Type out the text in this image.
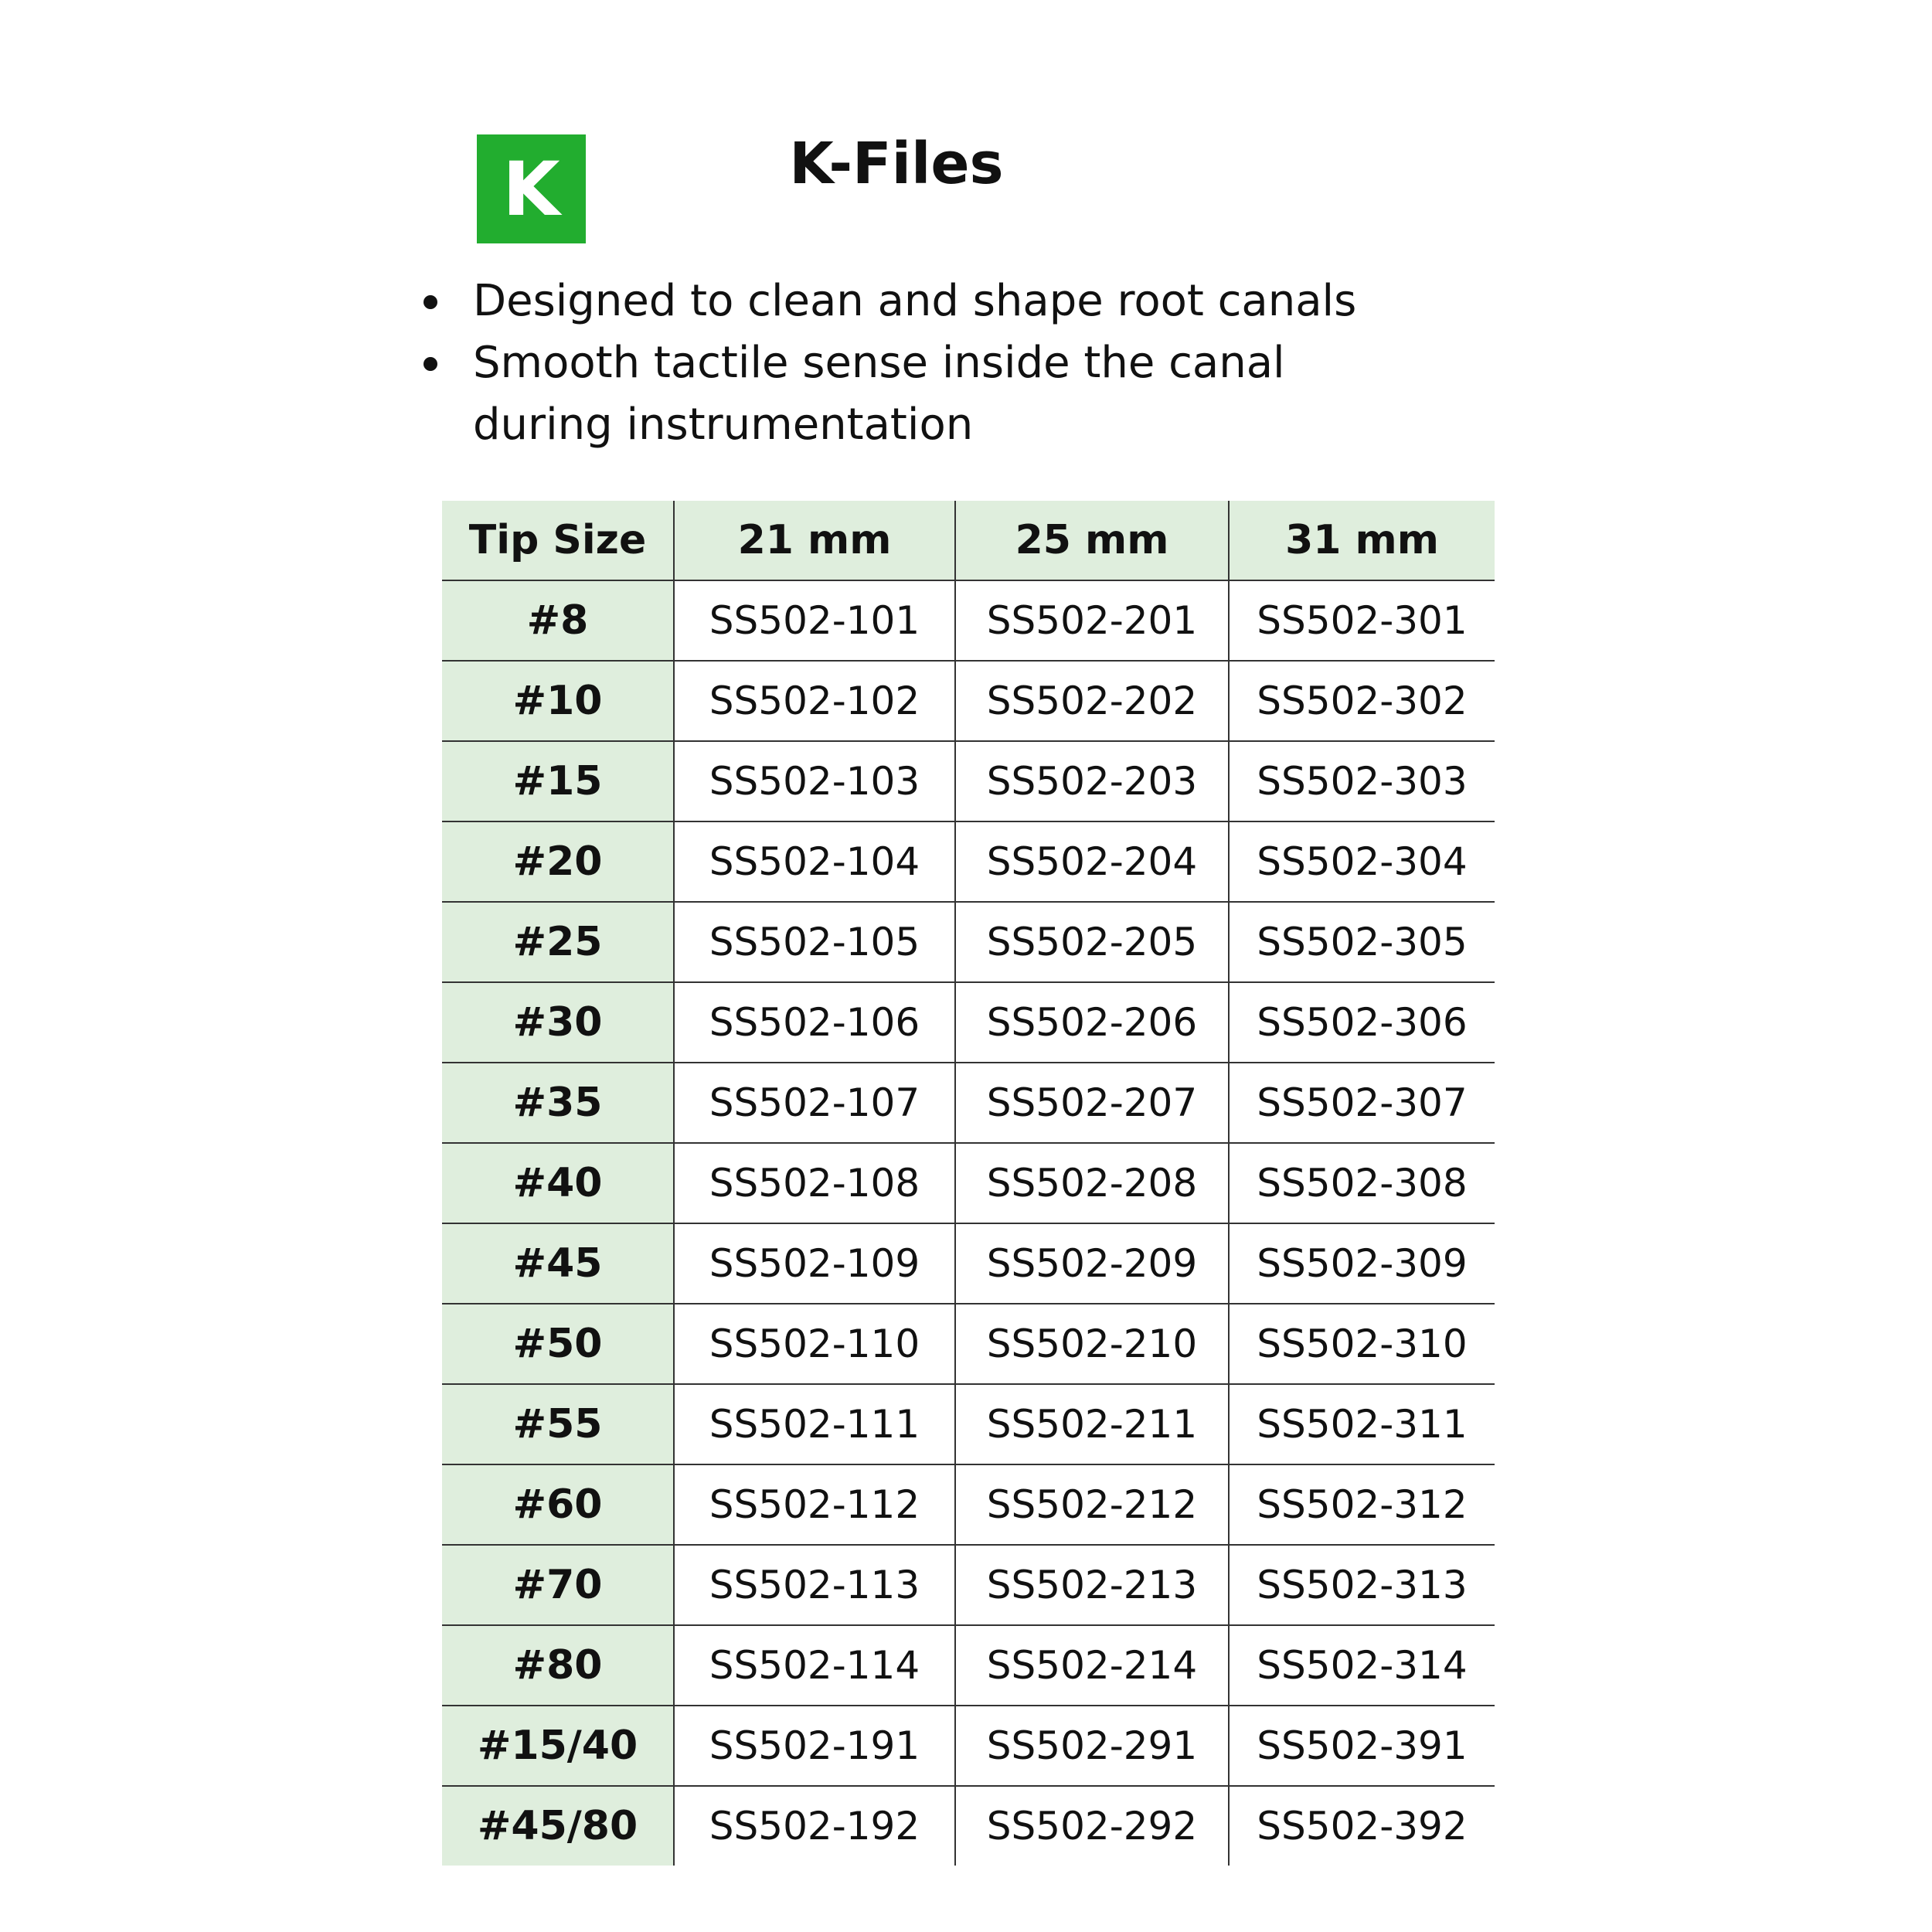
K	K-Files
Designed to clean and shape root canals
Smooth tactile sense inside the canal during instrumentation
Tip Size	21 mm	25 mm	31 mm
#8	SS502-101	SS502-201	SS502-301
#10	SS502-102	SS502-202	SS502-302
#15	SS502-103	SS502-203	SS502-303
#20	SS502-104	SS502-204	SS502-304
#25	SS502-105	SS502-205	SS502-305
#30	SS502-106	SS502-206	SS502-306
#35	SS502-107	SS502-207	SS502-307
#40	SS502-108	SS502-208	SS502-308
#45	SS502-109	SS502-209	SS502-309
#50	SS502-110	SS502-210	SS502-310
#55	SS502-111	SS502-211	SS502-311
#60	SS502-112	SS502-212	SS502-312
#70	SS502-113	SS502-213	SS502-313
#80	SS502-114	SS502-214	SS502-314
#15/40	SS502-191	SS502-291	SS502-391
#45/80	SS502-192	SS502-292	SS502-392
